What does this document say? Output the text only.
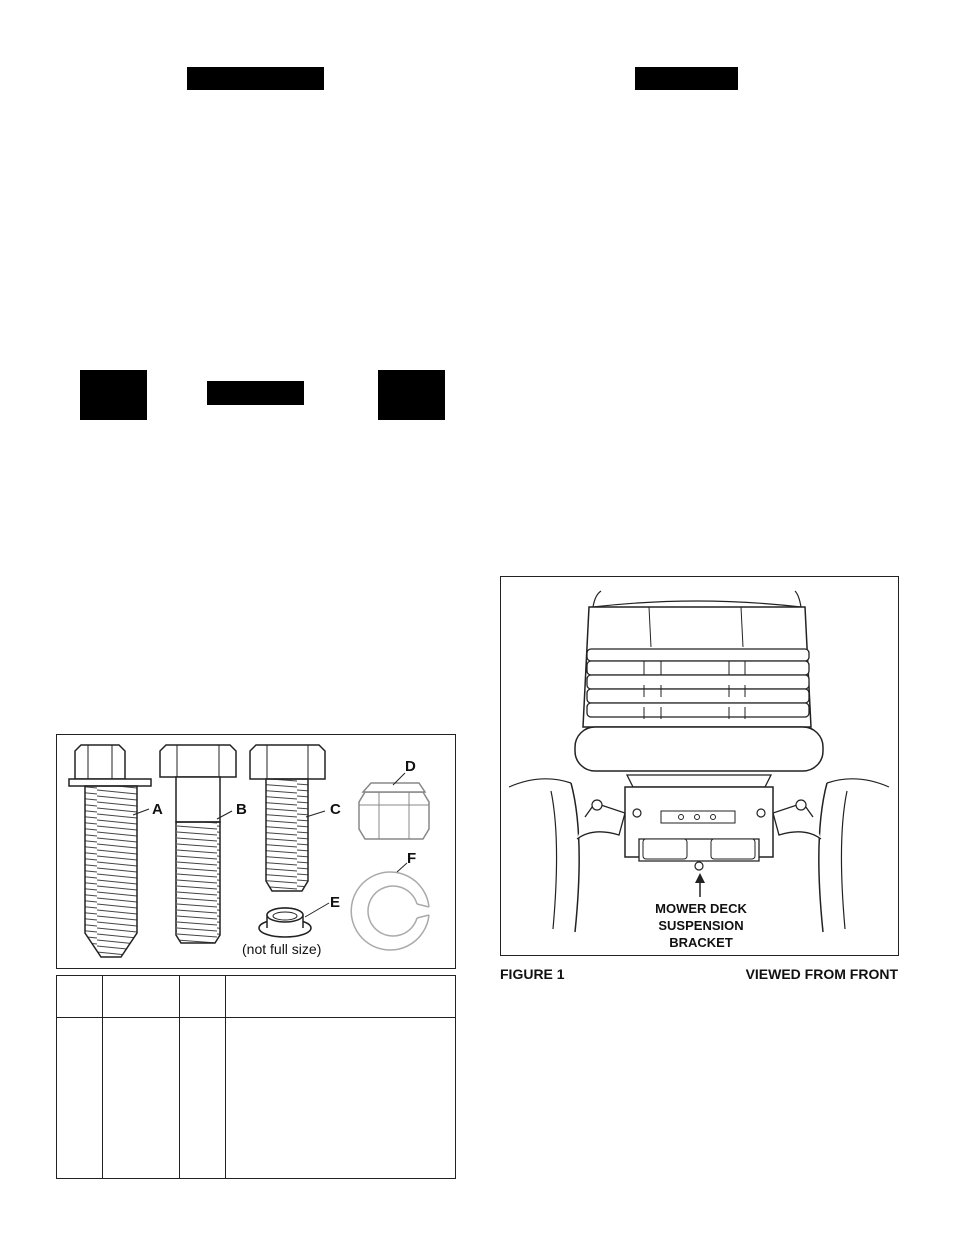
A	B	C
D
E
F
(not full size)
MOWER DECK
SUSPENSION
BRACKET
FIGURE 1	VIEWED FROM FRONT
